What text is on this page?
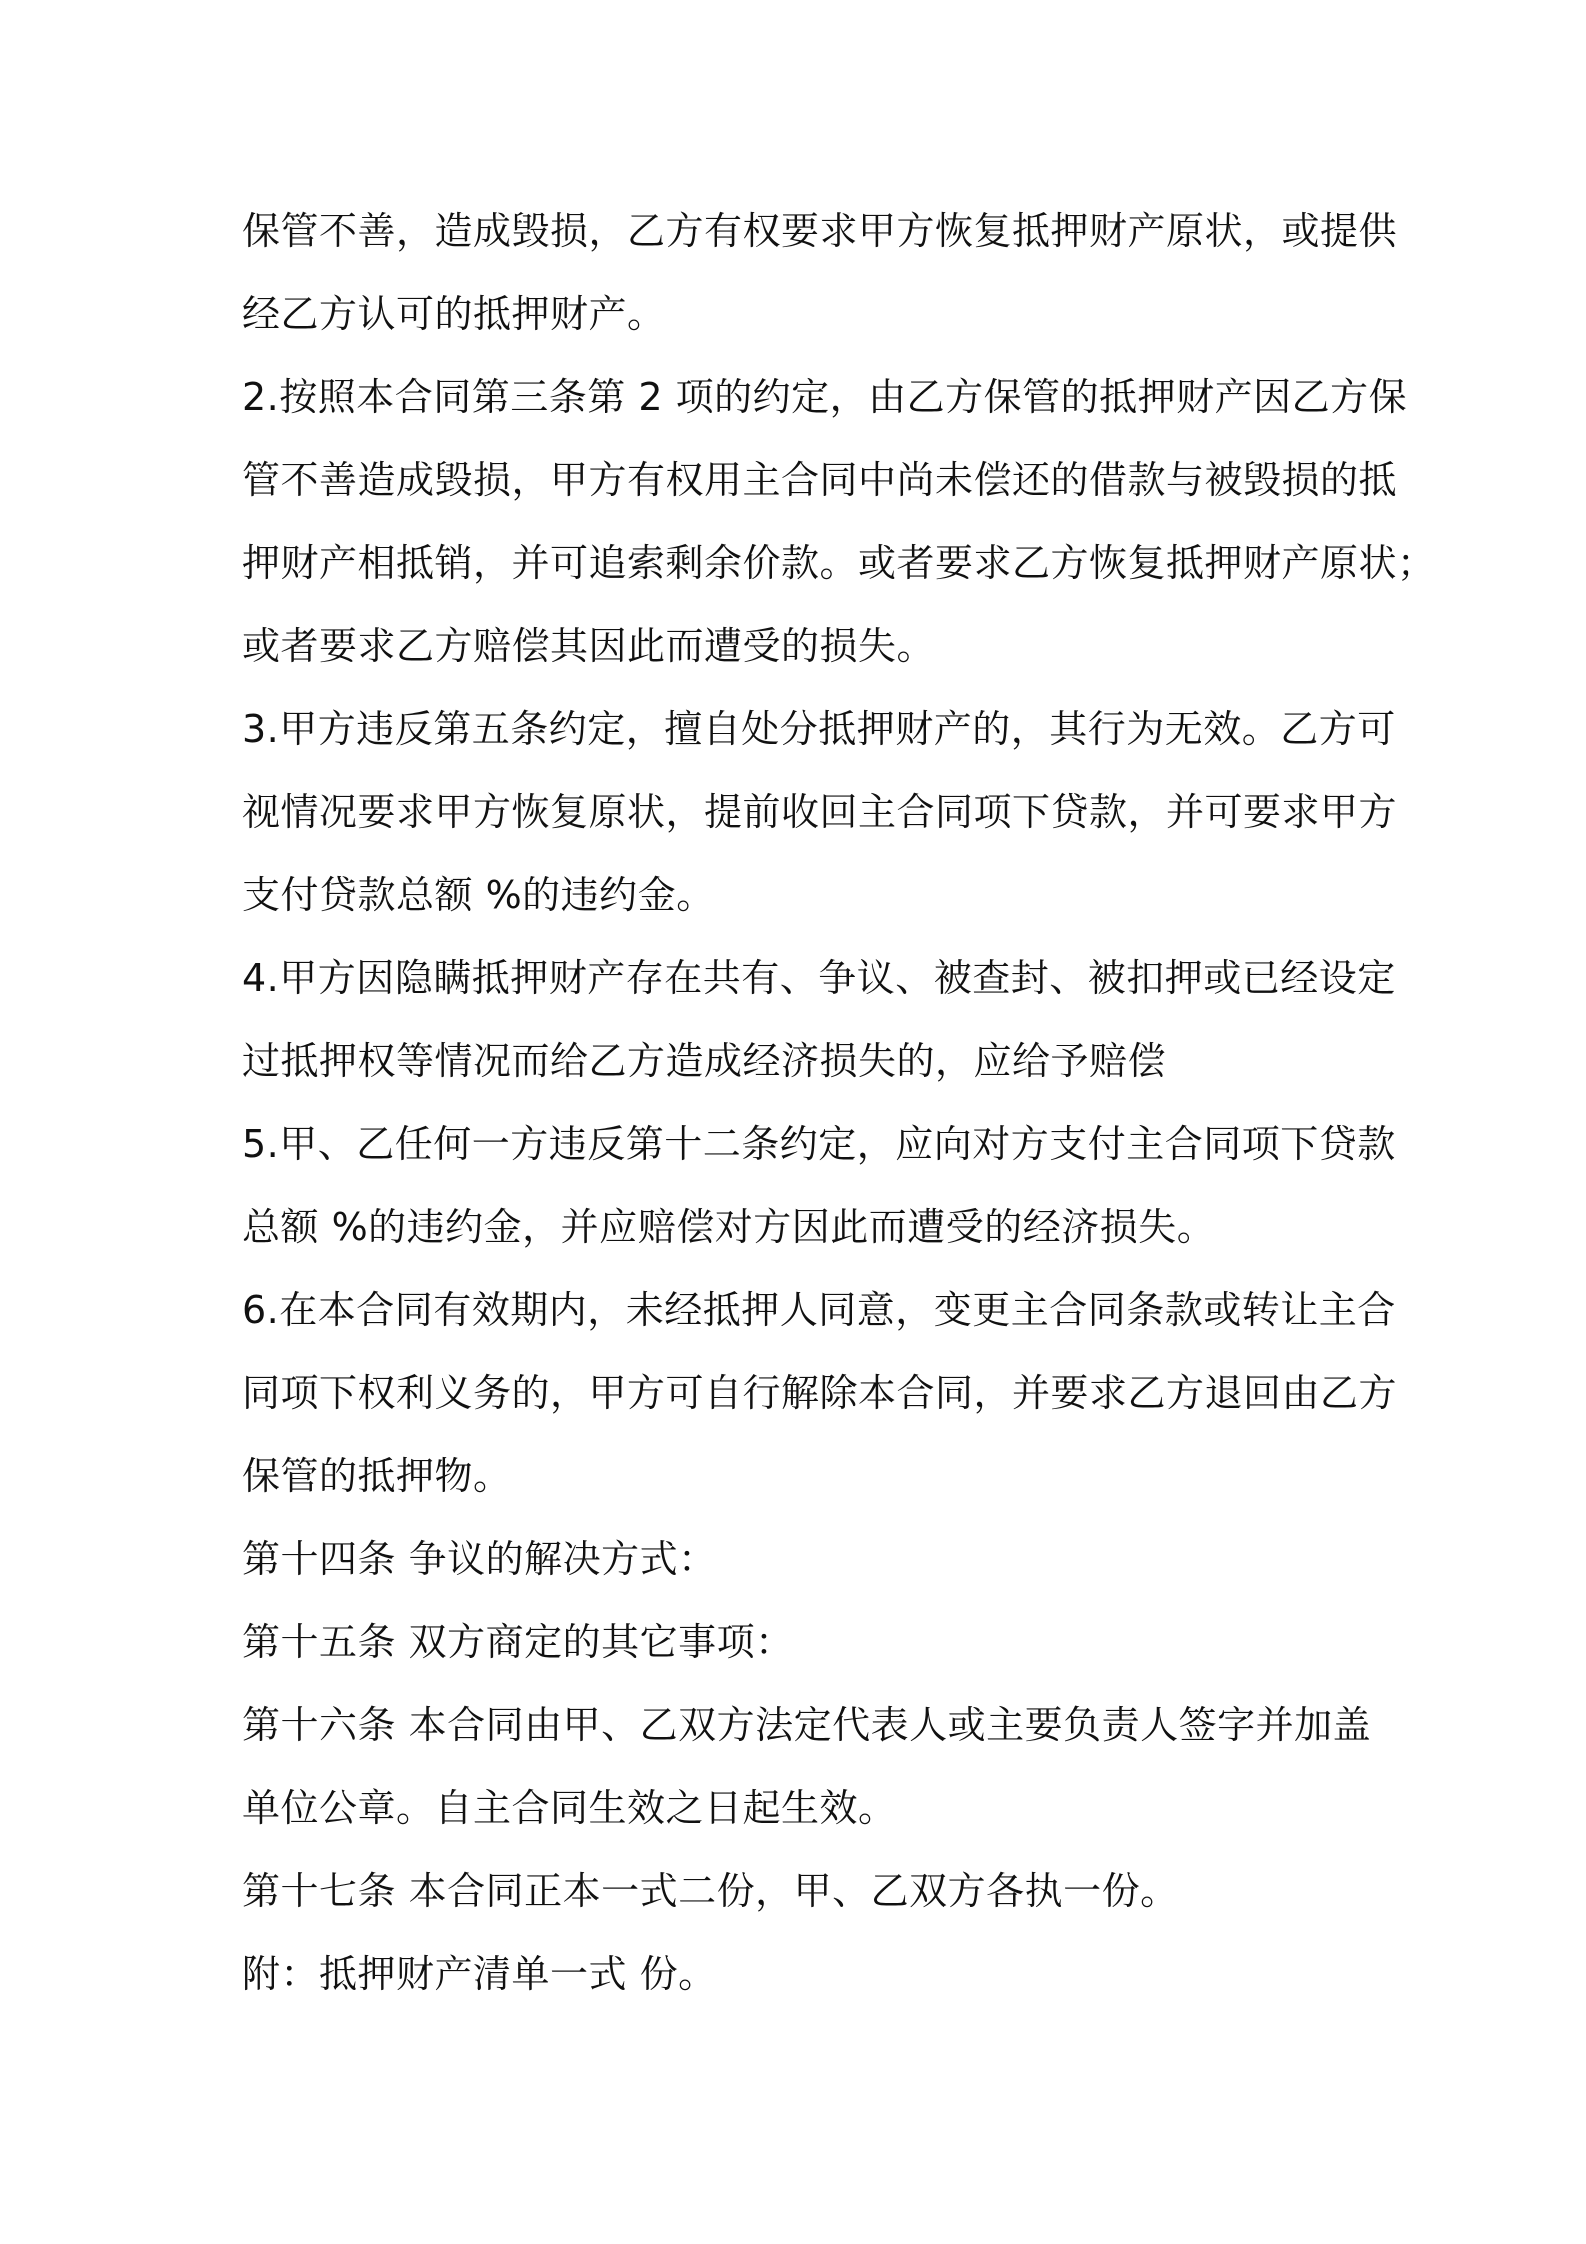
保管不善，造成毁损，乙方有权要求甲方恢复抵押财产原状，或提供
经乙方认可的抵押财产。
2.按照本合同第三条第 2 项的约定，由乙方保管的抵押财产因乙方保
管不善造成毁损，甲方有权用主合同中尚未偿还的借款与被毁损的抵
押财产相抵销，并可追索剩余价款。或者要求乙方恢复抵押财产原状；
或者要求乙方赔偿其因此而遭受的损失。
3.甲方违反第五条约定，擅自处分抵押财产的，其行为无效。乙方可
视情况要求甲方恢复原状，提前收回主合同项下贷款，并可要求甲方
支付贷款总额 %的违约金。
4.甲方因隐瞒抵押财产存在共有、争议、被查封、被扣押或已经设定
过抵押权等情况而给乙方造成经济损失的，应给予赔偿
5.甲、乙任何一方违反第十二条约定，应向对方支付主合同项下贷款
总额 %的违约金，并应赔偿对方因此而遭受的经济损失。
6.在本合同有效期内，未经抵押人同意，变更主合同条款或转让主合
同项下权利义务的，甲方可自行解除本合同，并要求乙方退回由乙方
保管的抵押物。
第十四条 争议的解决方式：
第十五条 双方商定的其它事项：
第十六条 本合同由甲、乙双方法定代表人或主要负责人签字并加盖
单位公章。自主合同生效之日起生效。
第十七条 本合同正本一式二份，甲、乙双方各执一份。
附：抵押财产清单一式 份。
